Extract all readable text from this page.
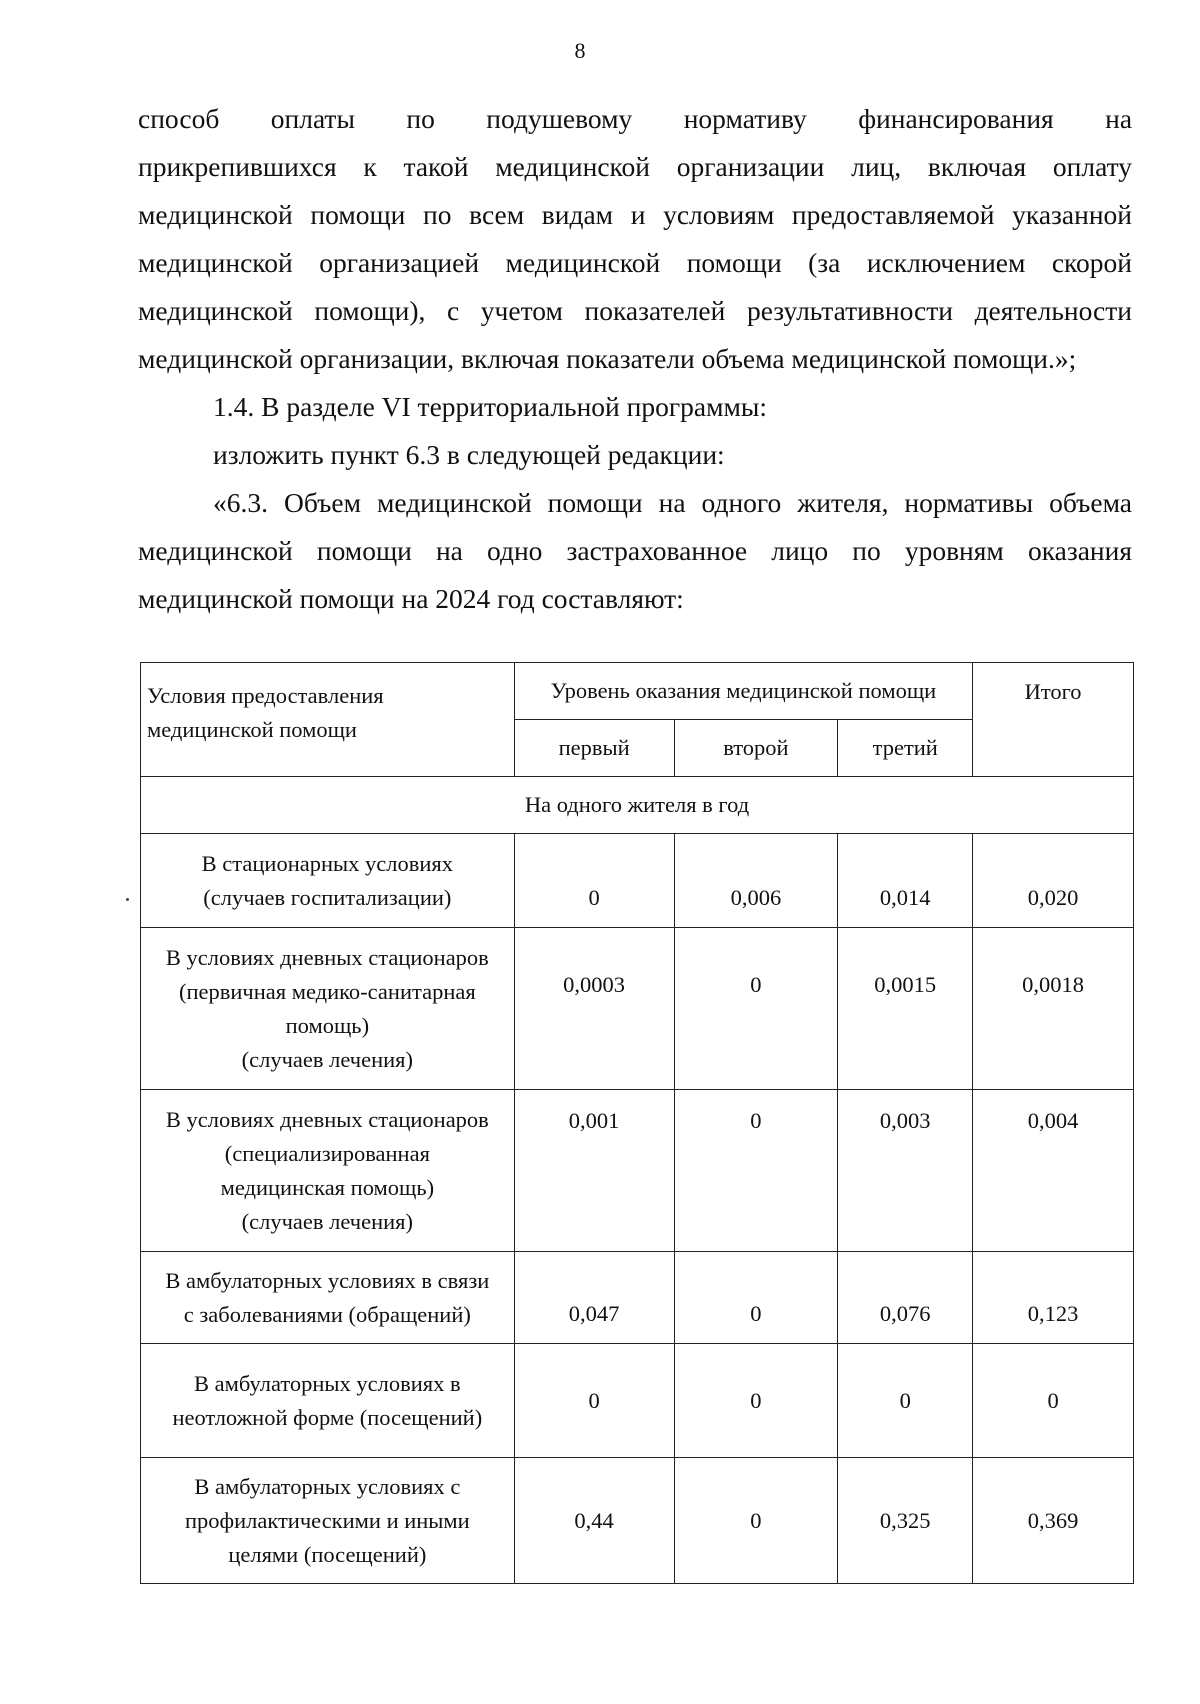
8

способ оплаты по подушевому нормативу финансирования на

прикрепившихся к такой медицинской организации лиц, включая оплату медицинской помощи по всем видам и условиям предоставляемой указанной медицинской организацией медицинской помощи (за исключением скорой медицинской помощи), с учетом показателей результативности деятельности медицинской организации, включая показатели объема медицинской помощи.»;

1.4. В разделе VI территориальной программы:

изложить пункт 6.3 в следующей редакции:

«6.3. Объем медицинской помощи на одного жителя, нормативы объема медицинской помощи на одно застрахованное лицо по уровням оказания медицинской помощи на 2024 год составляют:

Условия предоставления медицинской помощи	Уровень оказания медицинской помощи			Итого
	первый	второй	третий	
На одного жителя в год				

В стационарных условиях
(случаев госпитализации)	0	0,006	0,014	0,020

В условиях дневных стационаров
(первичная медико-санитарная
помощь)
(случаев лечения)	0,0003	0	0,0015	0,0018

В условиях дневных стационаров
(специализированная
медицинская помощь)
(случаев лечения)	0,001	0	0,003	0,004

В амбулаторных условиях в связи
с заболеваниями (обращений)	0,047	0	0,076	0,123

В амбулаторных условиях в
неотложной форме (посещений)	0	0	0	0

В амбулаторных условиях с
профилактическими и иными
целями (посещений)	0,44	0	0,325	0,369
